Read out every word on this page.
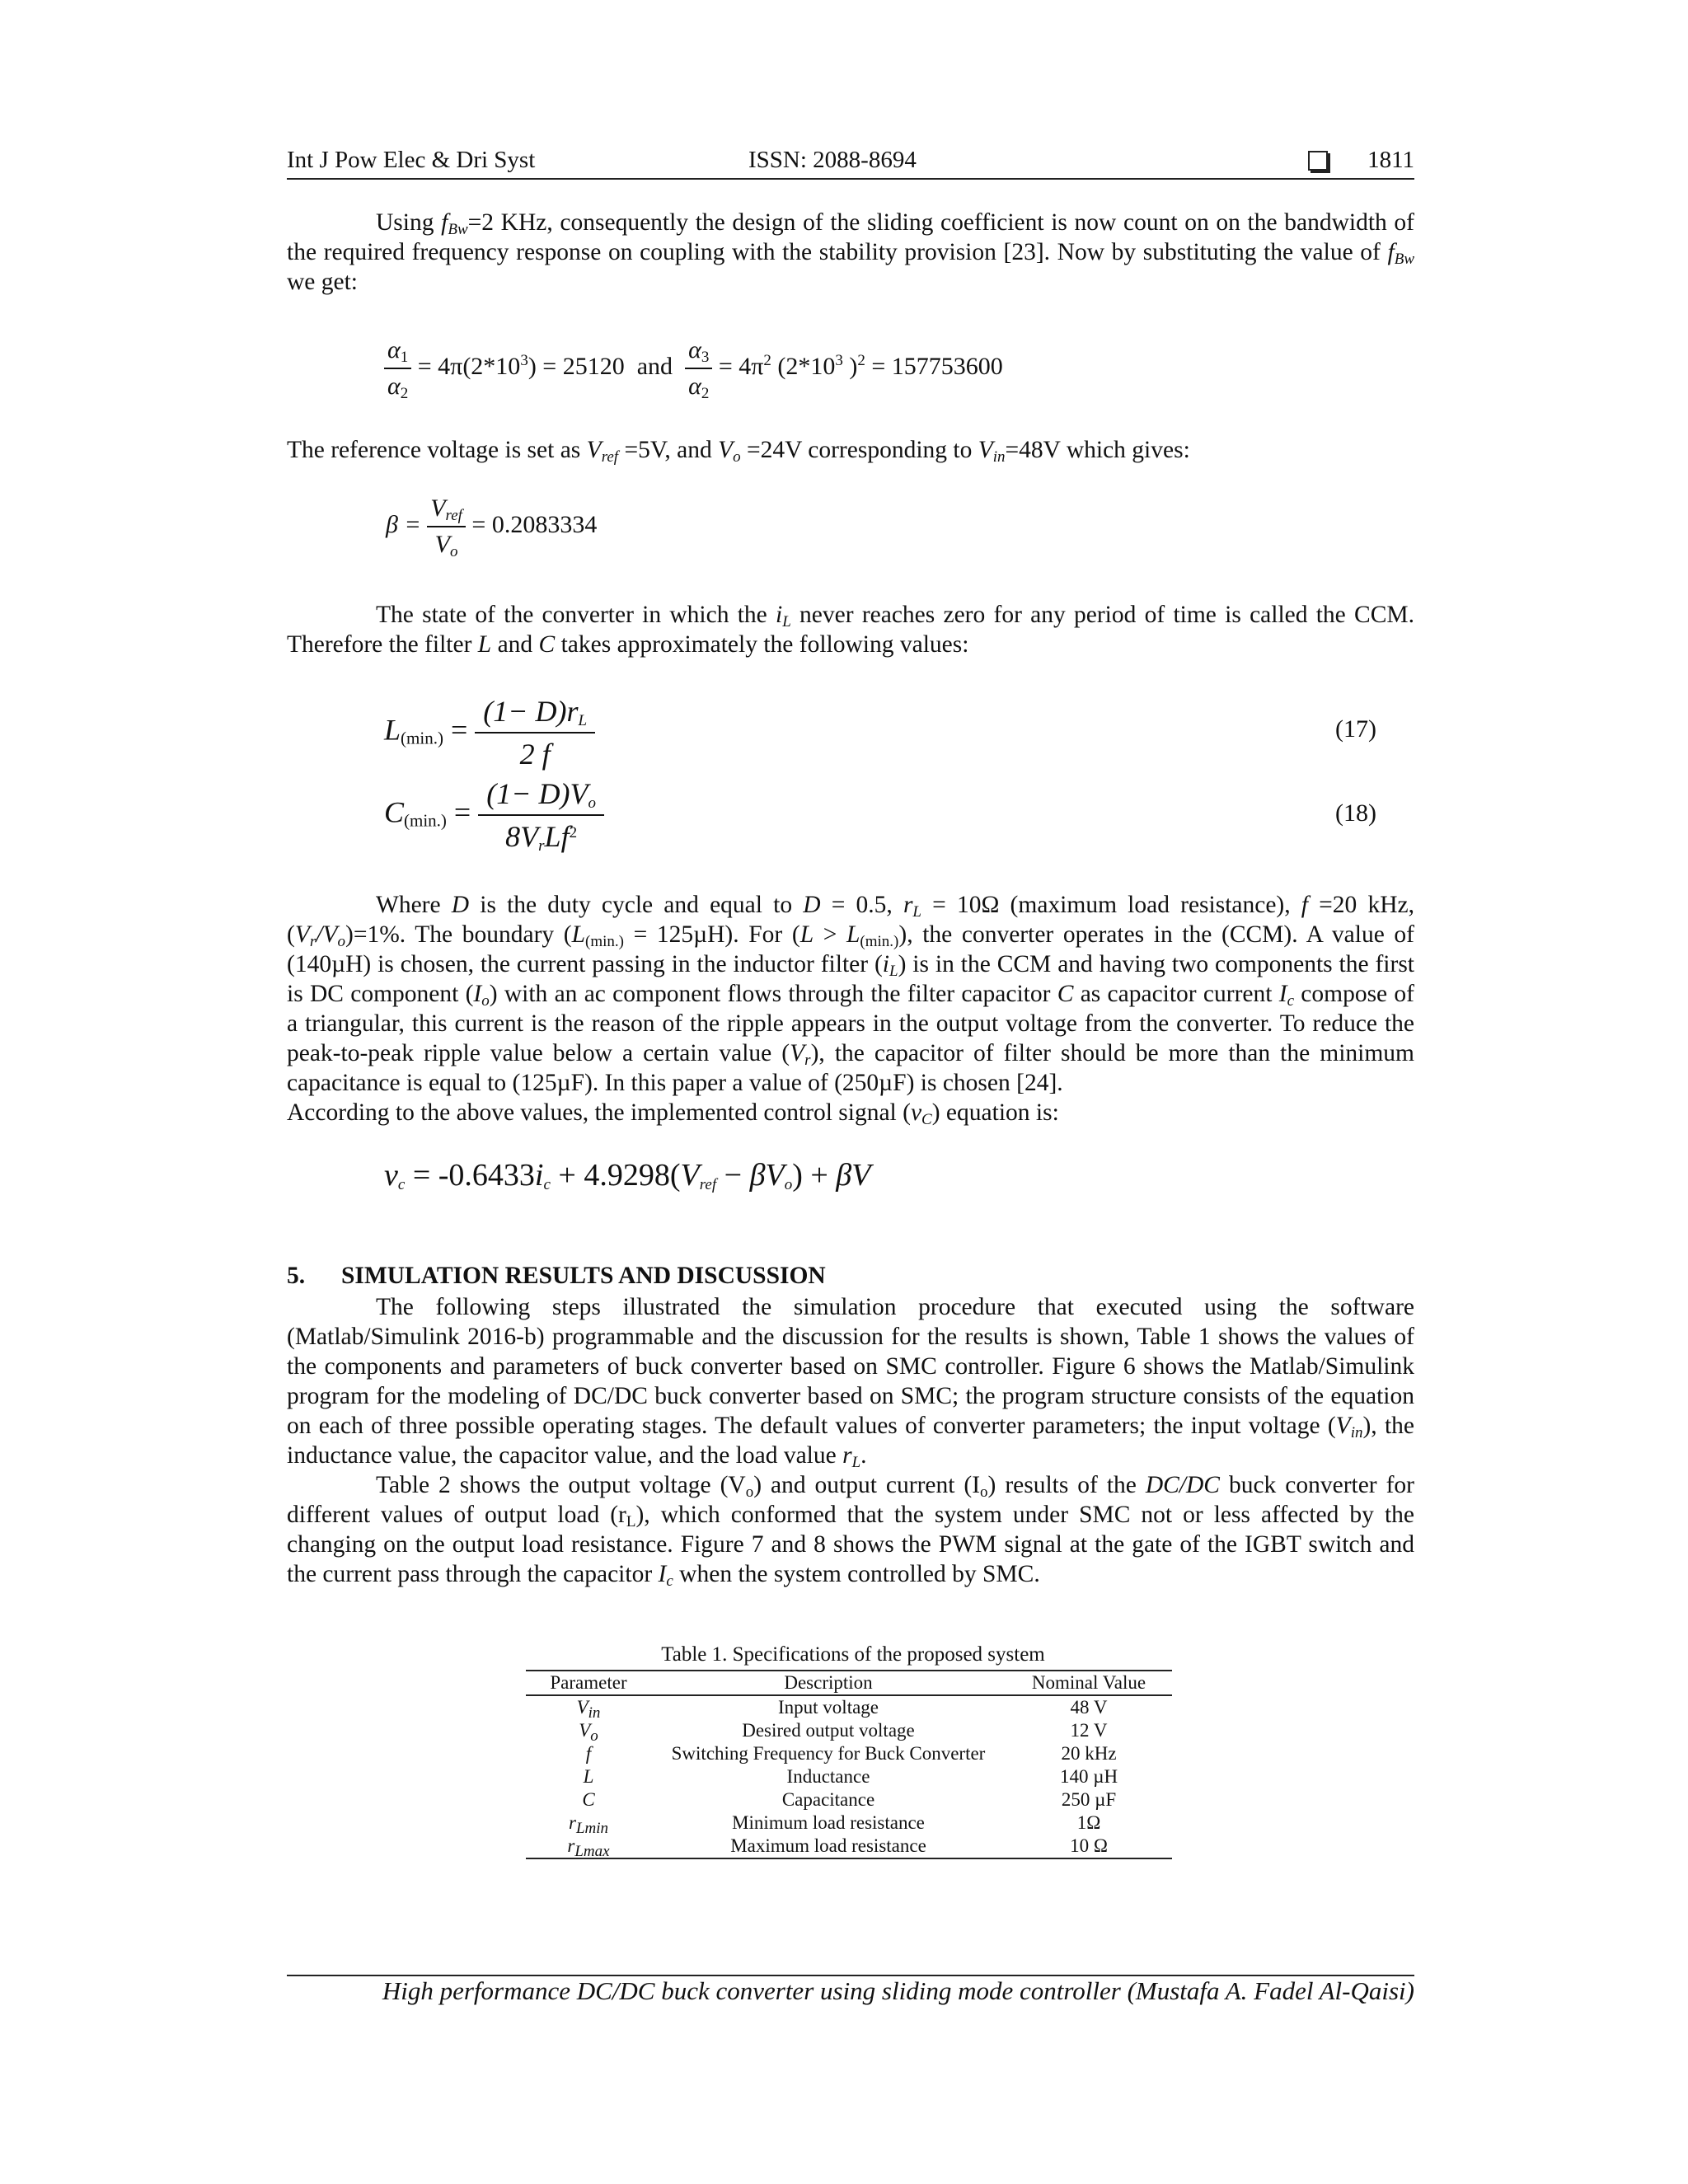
Int J Pow Elec & Dri Syst	ISSN: 2088-8694	1811
Using $f_{Bw}=2$ KHz, consequently the design of the sliding coefficient is now count on on the bandwidth of the required frequency response on coupling with the stability provision [23]. Now by substituting the value of $f_{Bw}$ we get:
$\frac{\alpha_1}{\alpha_2} = 4\pi(2*10^3) = 25120$ and $\frac{\alpha_3}{\alpha_2} = 4\pi^2$ ($2*10^3$ )$^2$ = 157753600
The reference voltage is set as $V_{ref} =5V$, and $V_o =24V$ corresponding to $V_{in}=48V$ which gives:
$\beta = \frac{V_{ref}}{V_o} = 0.2083334$
The state of the converter in which the $i_L$ never reaches zero for any period of time is called the CCM. Therefore the filter L and C takes approximately the following values:
$L_{(min.)} = \frac{(1- D)r_L}{2 f}$	(17)
$C_{(min.)} = \frac{(1- D)V_o}{8V_rLf^2}$	(18)
Where D is the duty cycle and equal to D = 0.5, $r_L = 10\Omega$ (maximum load resistance), f =20 kHz, $(V_r/V_o)=1\%$. The boundary $(L_{(min.)} = 125\mu H)$. For $(L > L_{(min.)})$, the converter operates in the (CCM). A value of (140µH) is chosen, the current passing in the inductor filter $(i_L)$ is in the CCM and having two components the first is DC component $(I_o)$ with an ac component flows through the filter capacitor C as capacitor current $I_c$ compose of a triangular, this current is the reason of the ripple appears in the output voltage from the converter. To reduce the peak-to-peak ripple value below a certain value $(V_r)$, the capacitor of filter should be more than the minimum capacitance is equal to (125µF). In this paper a value of (250µF) is chosen [24].
According to the above values, the implemented control signal $(v_C)$ equation is:
$v_c = -0.6433i_c + 4.9298(V_{ref} - \beta V_o) + \beta V$
5. SIMULATION RESULTS AND DISCUSSION
The following steps illustrated the simulation procedure that executed using the software (Matlab/Simulink 2016-b) programmable and the discussion for the results is shown, Table 1 shows the values of the components and parameters of buck converter based on SMC controller. Figure 6 shows the Matlab/Simulink program for the modeling of DC/DC buck converter based on SMC; the program structure consists of the equation on each of three possible operating stages. The default values of converter parameters; the input voltage $(V_{in})$, the inductance value, the capacitor value, and the load value $r_L$.
Table 2 shows the output voltage $(V_o)$ and output current $(I_o)$ results of the DC/DC buck converter for different values of output load $(r_L)$, which conformed that the system under SMC not or less affected by the changing on the output load resistance. Figure 7 and 8 shows the PWM signal at the gate of the IGBT switch and the current pass through the capacitor $I_c$ when the system controlled by SMC.
Table 1. Specifications of the proposed system
Parameter	Description	Nominal Value
$V_{in}$	Input voltage	48 V
$V_o$	Desired output voltage	12 V
f	Switching Frequency for Buck Converter	20 kHz
L	Inductance	140 µH
C	Capacitance	250 µF
$r_{Lmin}$	Minimum load resistance	1Ω
$r_{Lmax}$	Maximum load resistance	10 Ω
High performance DC/DC buck converter using sliding mode controller (Mustafa A. Fadel Al-Qaisi)
